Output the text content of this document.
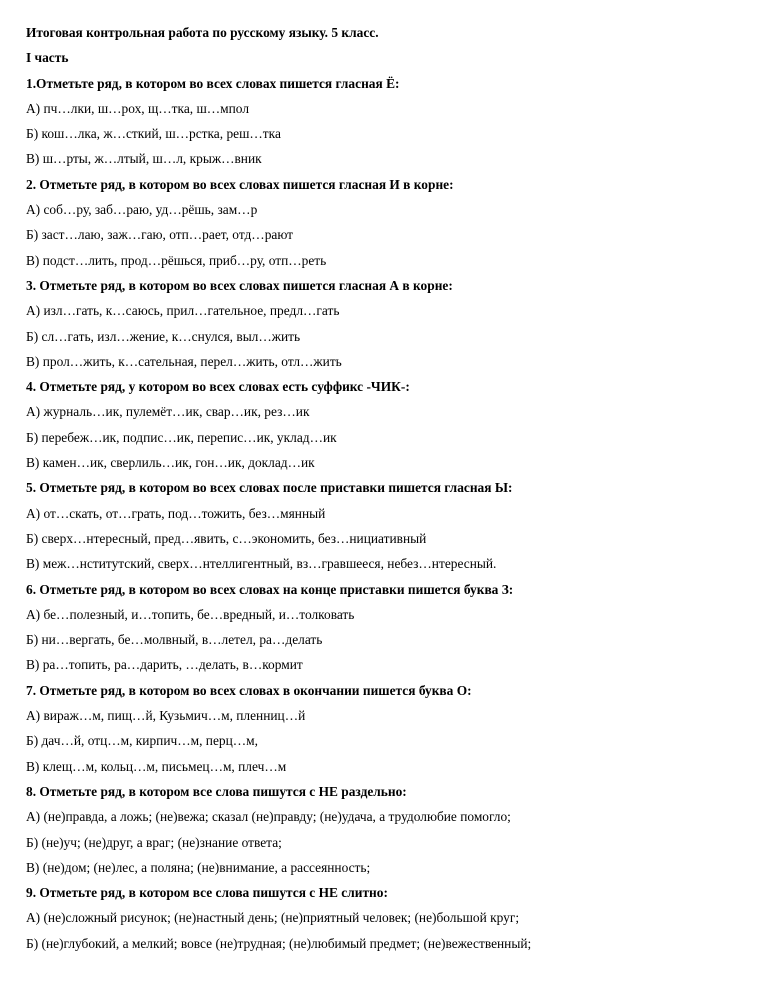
Итоговая контрольная работа по русскому языку. 5 класс.
I часть
1.Отметьте ряд, в котором во всех словах пишется гласная Ё:
А) пч…лки, ш…рох, щ…тка, ш…мпол
Б) кош…лка, ж…сткий, ш…рстка, реш…тка
В) ш…рты, ж…лтый, ш…л, крыж…вник
2. Отметьте ряд, в котором во всех словах пишется гласная И в корне:
А) соб…ру, заб…раю, уд…рёшь, зам…р
Б) заст…лаю, заж…гаю, отп…рает, отд…рают
В) подст…лить, прод…рёшься, приб…ру, отп…реть
3. Отметьте ряд, в котором во всех словах пишется гласная А в корне:
А) изл…гать, к…саюсь, прил…гательное, предл…гать
Б) сл…гать, изл…жение, к…снулся, выл…жить
В) прол…жить, к…сательная, перел…жить, отл…жить
4. Отметьте ряд, у котором во всех словах есть суффикс -ЧИК-:
А) журналь…ик, пулемёт…ик, свар…ик, рез…ик
Б) перебеж…ик, подпис…ик, перепис…ик, уклад…ик
В) камен…ик, сверлиль…ик, гон…ик, доклад…ик
5. Отметьте ряд, в котором во всех словах после приставки пишется гласная Ы:
А) от…скать, от…грать, под…тожить, без…мянный
Б) сверх…нтересный, пред…явить, с…экономить, без…нициативный
В) меж…нститутский, сверх…нтеллигентный, вз…гравшееся, небез…нтересный.
6. Отметьте ряд, в котором во всех словах на конце приставки пишется буква З:
А) бе…полезный, и…топить, бе…вредный, и…толковать
Б) ни…вергать, бе…молвный, в…летел, ра…делать
В) ра…топить, ра…дарить, …делать, в…кормит
7. Отметьте ряд, в котором во всех словах в окончании пишется буква О:
А) вираж…м, пищ…й, Кузьмич…м, пленниц…й
Б) дач…й, отц…м, кирпич…м, перц…м,
В) клещ…м, кольц…м, письмец…м, плеч…м
8. Отметьте ряд, в котором все слова пишутся с НЕ раздельно:
А) (не)правда, а ложь; (не)вежа; сказал (не)правду; (не)удача, а трудолюбие помогло;
Б) (не)уч; (не)друг, а враг; (не)знание ответа;
В) (не)дом; (не)лес, а поляна; (не)внимание, а рассеянность;
9. Отметьте ряд, в котором все слова пишутся с НЕ слитно:
А) (не)сложный рисунок; (не)настный день; (не)приятный человек; (не)большой круг;
Б) (не)глубокий, а мелкий; вовсе (не)трудная; (не)любимый предмет; (не)вежественный;
